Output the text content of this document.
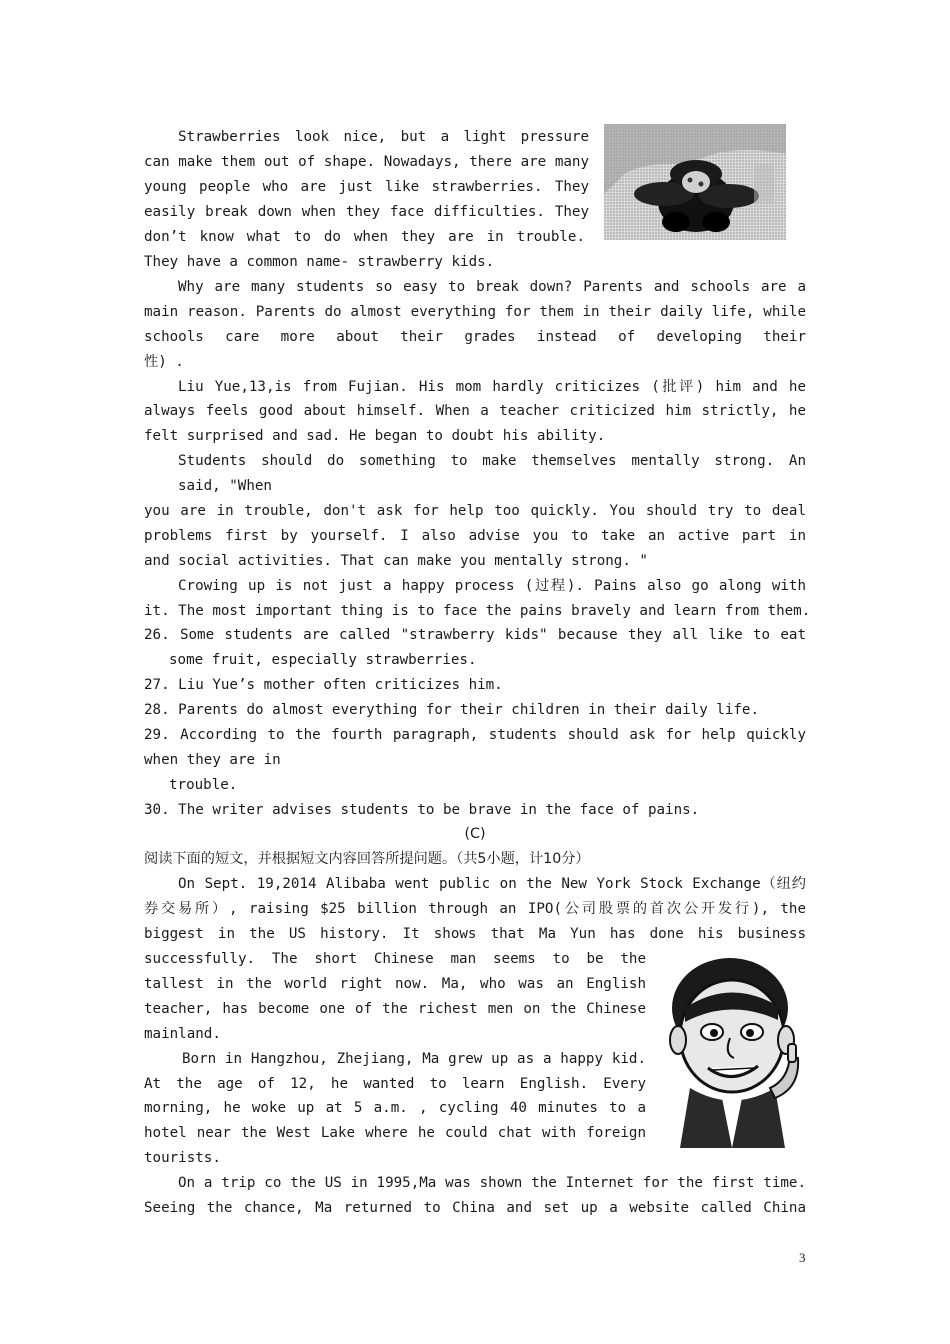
Strawberries look nice, but a light pressure

can make them out of shape. Nowadays, there are many

young people who are just like strawberries. They

easily break down when they face difficulties. They

don’t know what to do when they are in trouble.

They have a common name- strawberry kids.

Why are many students so easy to break down? Parents and schools are a

main reason. Parents do almost everything for them in their daily life, while

schools care more about their grades instead of developing their

性) .

Liu Yue,13,is from Fujian. His mom hardly criticizes (批评) him and he

always feels good about himself. When a teacher criticized him strictly, he

felt surprised and sad. He began to doubt his ability.

Students should do something to make themselves mentally strong. An

said, "When

you are in trouble, don't ask for help too quickly. You should try to deal

problems first by yourself. I also advise you to take an active part in

and social activities. That can make you mentally strong. "

Crowing up is not just a happy process (过程). Pains also go along with

it. The most important thing is to face the pains bravely and learn from them.

26. Some students are called "strawberry kids" because they all like to eat

some fruit, especially strawberries.

27. Liu Yue’s mother often criticizes him.

28. Parents do almost everything for their children in their daily life.

29. According to the fourth paragraph, students should ask for help quickly

when they are in

trouble.

30. The writer advises students to be brave in the face of pains.

(C)

阅读下面的短文，并根据短文内容回答所提问题。（共5小题，计10分）

On Sept. 19,2014 Alibaba went public on the New York Stock Exchange（纽约

券交易所）, raising $25 billion through an IPO(公司股票的首次公开发行), the

biggest in the US history. It shows that Ma Yun has done his business

successfully. The short Chinese man seems to be the

tallest in the world right now. Ma, who was an English

teacher, has become one of the richest men on the Chinese

mainland.

Born in Hangzhou, Zhejiang, Ma grew up as a happy kid.

At the age of 12, he wanted to learn English. Every

morning, he woke up at 5 a.m. , cycling 40 minutes to a

hotel near the West Lake where he could chat with foreign

tourists.

On a trip co the US in 1995,Ma was shown the Internet for the first time.

Seeing the chance, Ma returned to China and set up a website called China

3
